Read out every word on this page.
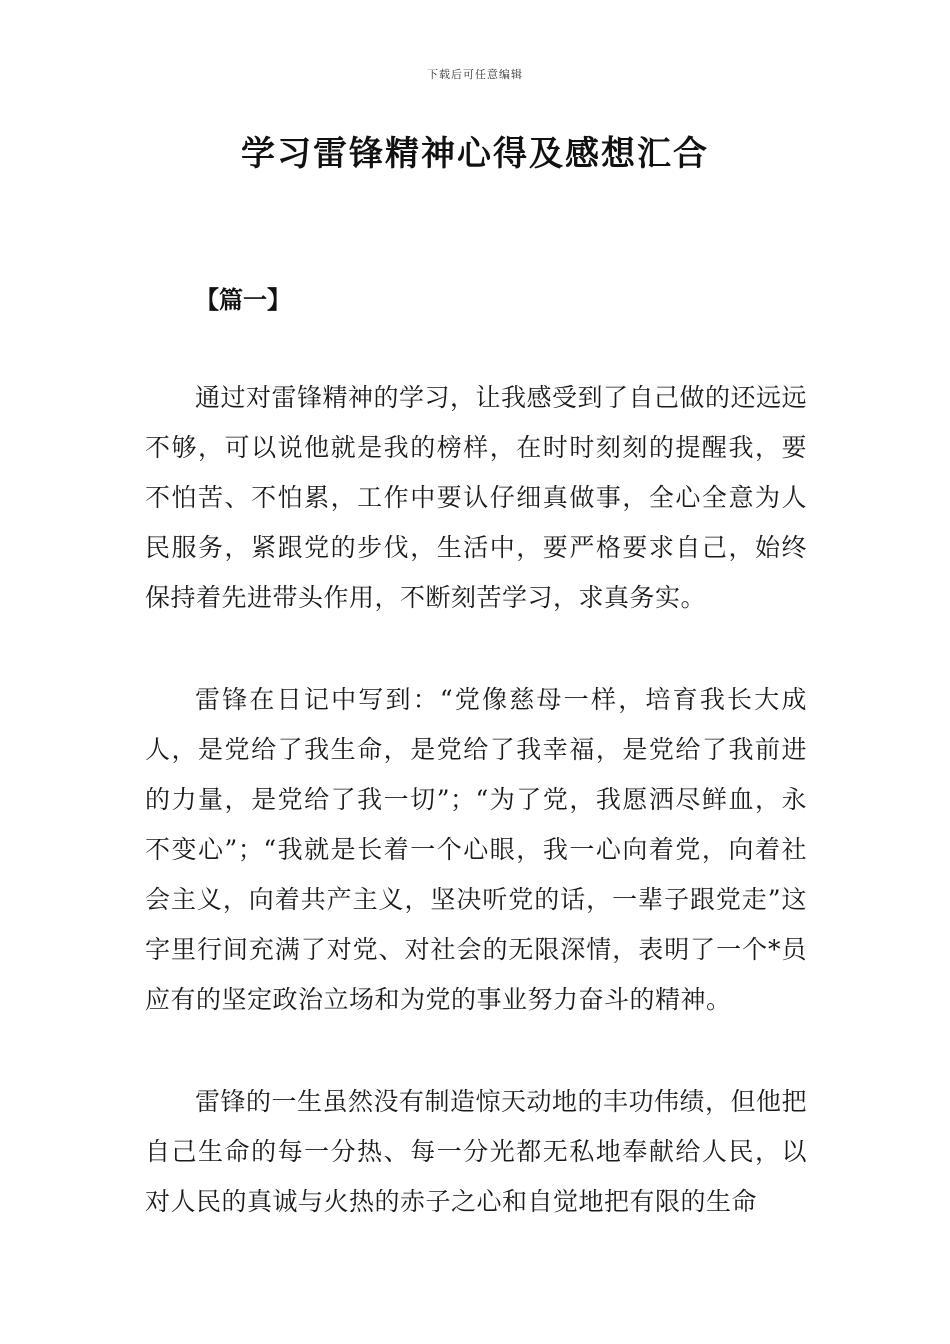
下载后可任意编辑
学习雷锋精神心得及感想汇合
【篇一】

通过对雷锋精神的学习，让我感受到了自己做的还远远不够，可以说他就是我的榜样，在时时刻刻的提醒我，要不怕苦、不怕累，工作中要认仔细真做事，全心全意为人民服务，紧跟党的步伐，生活中，要严格要求自己，始终保持着先进带头作用，不断刻苦学习，求真务实。

雷锋在日记中写到：“党像慈母一样，培育我长大成人，是党给了我生命，是党给了我幸福，是党给了我前进的力量，是党给了我一切”；“为了党，我愿洒尽鲜血，永不变心”；“我就是长着一个心眼，我一心向着党，向着社会主义，向着共产主义，坚决听党的话，一辈子跟党走”这字里行间充满了对党、对社会的无限深情，表明了一个*员应有的坚定政治立场和为党的事业努力奋斗的精神。

雷锋的一生虽然没有制造惊天动地的丰功伟绩，但他把自己生命的每一分热、每一分光都无私地奉献给人民，以对人民的真诚与火热的赤子之心和自觉地把有限的生命
